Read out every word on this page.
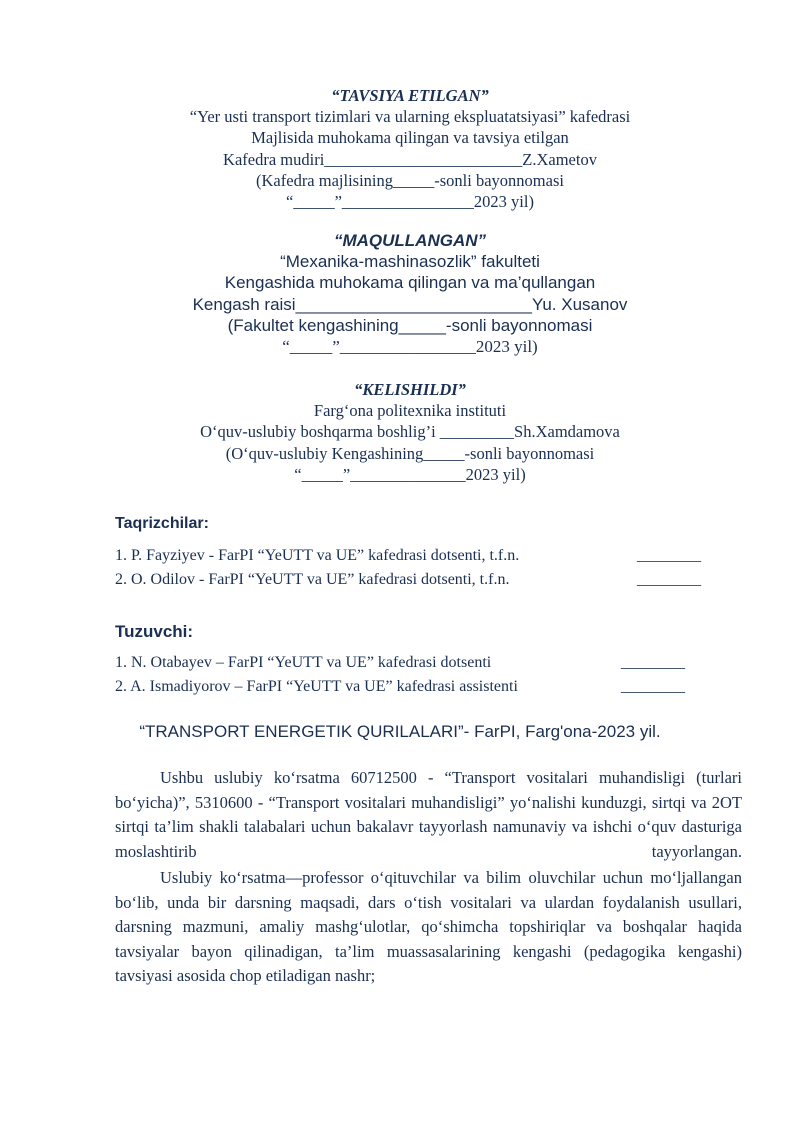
“TAVSIYA ETILGAN”
“Yer usti transport tizimlari va ularning ekspluatatsiyasi” kafedrasi
Majlisida muhokama qilingan va tavsiya etilgan
Kafedra mudiri________________________Z.Xametov
(Kafedra majlisining_____-sonli bayonnomasi
“_____”________________2023 yil)
“MAQULLANGAN”
“Mexanika-mashinasozlik” fakulteti
Kengashida muhokama qilingan va ma’qullangan
Kengash raisi_________________________Yu. Xusanov
(Fakultet kengashining_____-sonli bayonnomasi
“_____”________________2023 yil)
“KELISHILDI”
Farg‘ona politexnika instituti
O‘quv-uslubiy boshqarma boshlig’i _________Sh.Xamdamova
(O‘quv-uslubiy Kengashining_____-sonli bayonnomasi
“_____”______________2023 yil)
Taqrizchilar:
1. P. Fayziyev - FarPI “YeUTT va UE” kafedrasi dotsenti, t.f.n.	________
2. O. Odilov - FarPI “YeUTT va UE” kafedrasi dotsenti, t.f.n.	________
Tuzuvchi:
1. N. Otabayev – FarPI “YeUTT va UE” kafedrasi dotsenti	________
2. A. Ismadiyorov – FarPI “YeUTT va UE” kafedrasi assistenti	________
“TRANSPORT ENERGETIK QURILALARI”- FarPI, Farg'ona-2023 yil.
Ushbu uslubiy ko‘rsatma 60712500 - “Transport vositalari muhandisligi (turlari bo‘yicha)”, 5310600 - “Transport vositalari muhandisligi” yo‘nalishi kunduzgi, sirtqi va 2OT sirtqi ta’lim shakli talabalari uchun bakalavr tayyorlash namunaviy va ishchi o‘quv dasturiga moslashtirib tayyorlangan.
Uslubiy ko‘rsatma—professor o‘qituvchilar va bilim oluvchilar uchun mo‘ljallangan bo‘lib, unda bir darsning maqsadi, dars o‘tish vositalari va ulardan foydalanish usullari, darsning mazmuni, amaliy mashg‘ulotlar, qo‘shimcha topshiriqlar va boshqalar haqida tavsiyalar bayon qilinadigan, ta’lim muassasalarining kengashi (pedagogika kengashi) tavsiyasi asosida chop etiladigan nashr;
